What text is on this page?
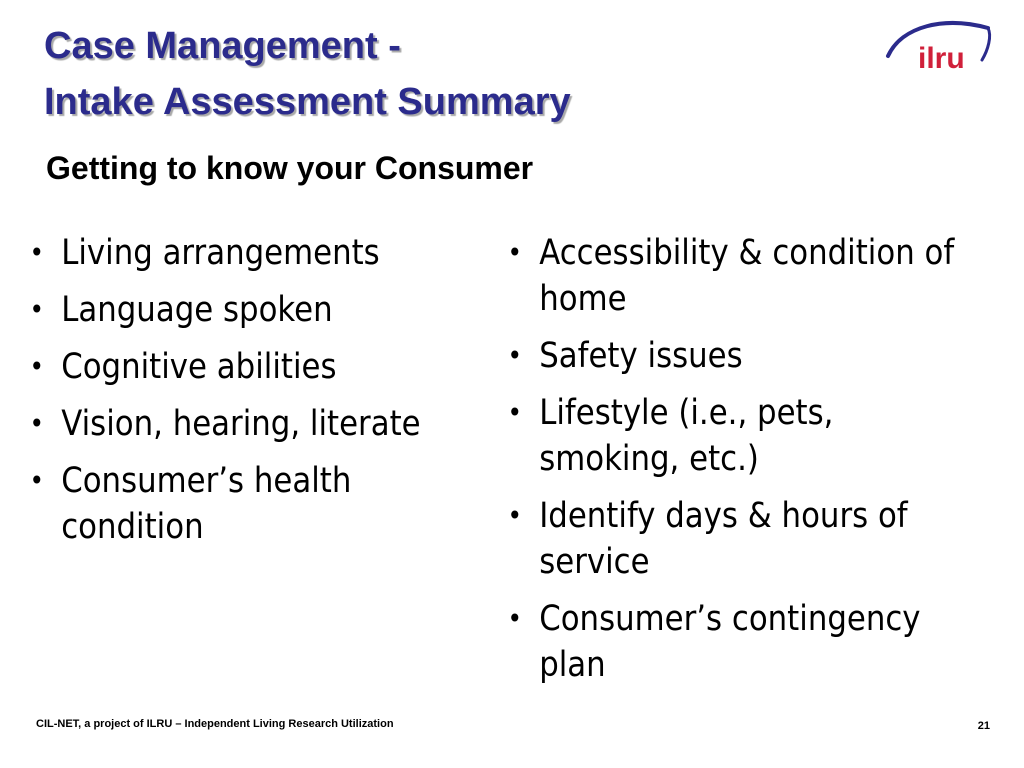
Case Management -
Intake Assessment Summary
ilru
Getting to know your Consumer
• Living arrangements
• Language spoken
• Cognitive abilities
• Vision, hearing, literate
• Consumer’s health condition
• Accessibility & condition of home
• Safety issues
• Lifestyle (i.e., pets, smoking, etc.)
• Identify days & hours of service
• Consumer’s contingency plan
CIL-NET, a project of ILRU – Independent Living Research Utilization	21
